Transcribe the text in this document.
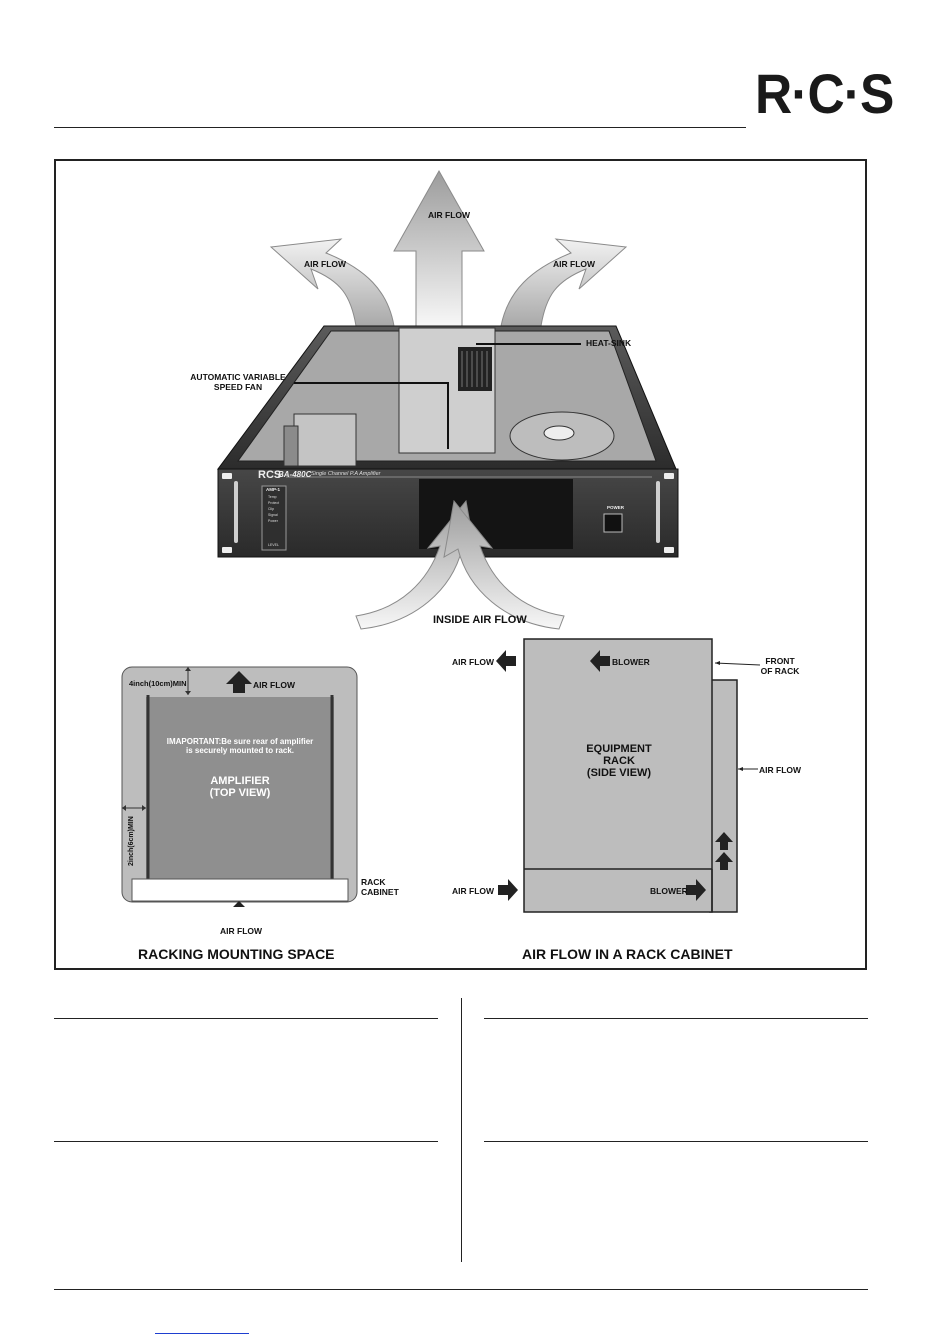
R·C·S
AIR FLOW
AIR FLOW	AIR FLOW
HEAT-SINK
AUTOMATIC VARIABLE
SPEED FAN
RCS
BA-480C Single Channel P.A Amplifier
AMP-1
Temp
Protect
Clip
Signal
Power
LEVEL
POWER
INSIDE AIR FLOW
4inch(10cm)MIN	AIR FLOW
IMAPORTANT:Be sure rear of amplifier
is securely mounted to rack.
AMPLIFIER
(TOP VIEW)
2inch(6cm)MIN
RACK
CABINET
AIR FLOW
RACKING MOUNTING SPACE
AIR FLOW	BLOWER	FRONT
OF RACK
EQUIPMENT
RACK
(SIDE VIEW)	AIR FLOW
AIR FLOW	BLOWER
AIR FLOW IN A RACK CABINET
